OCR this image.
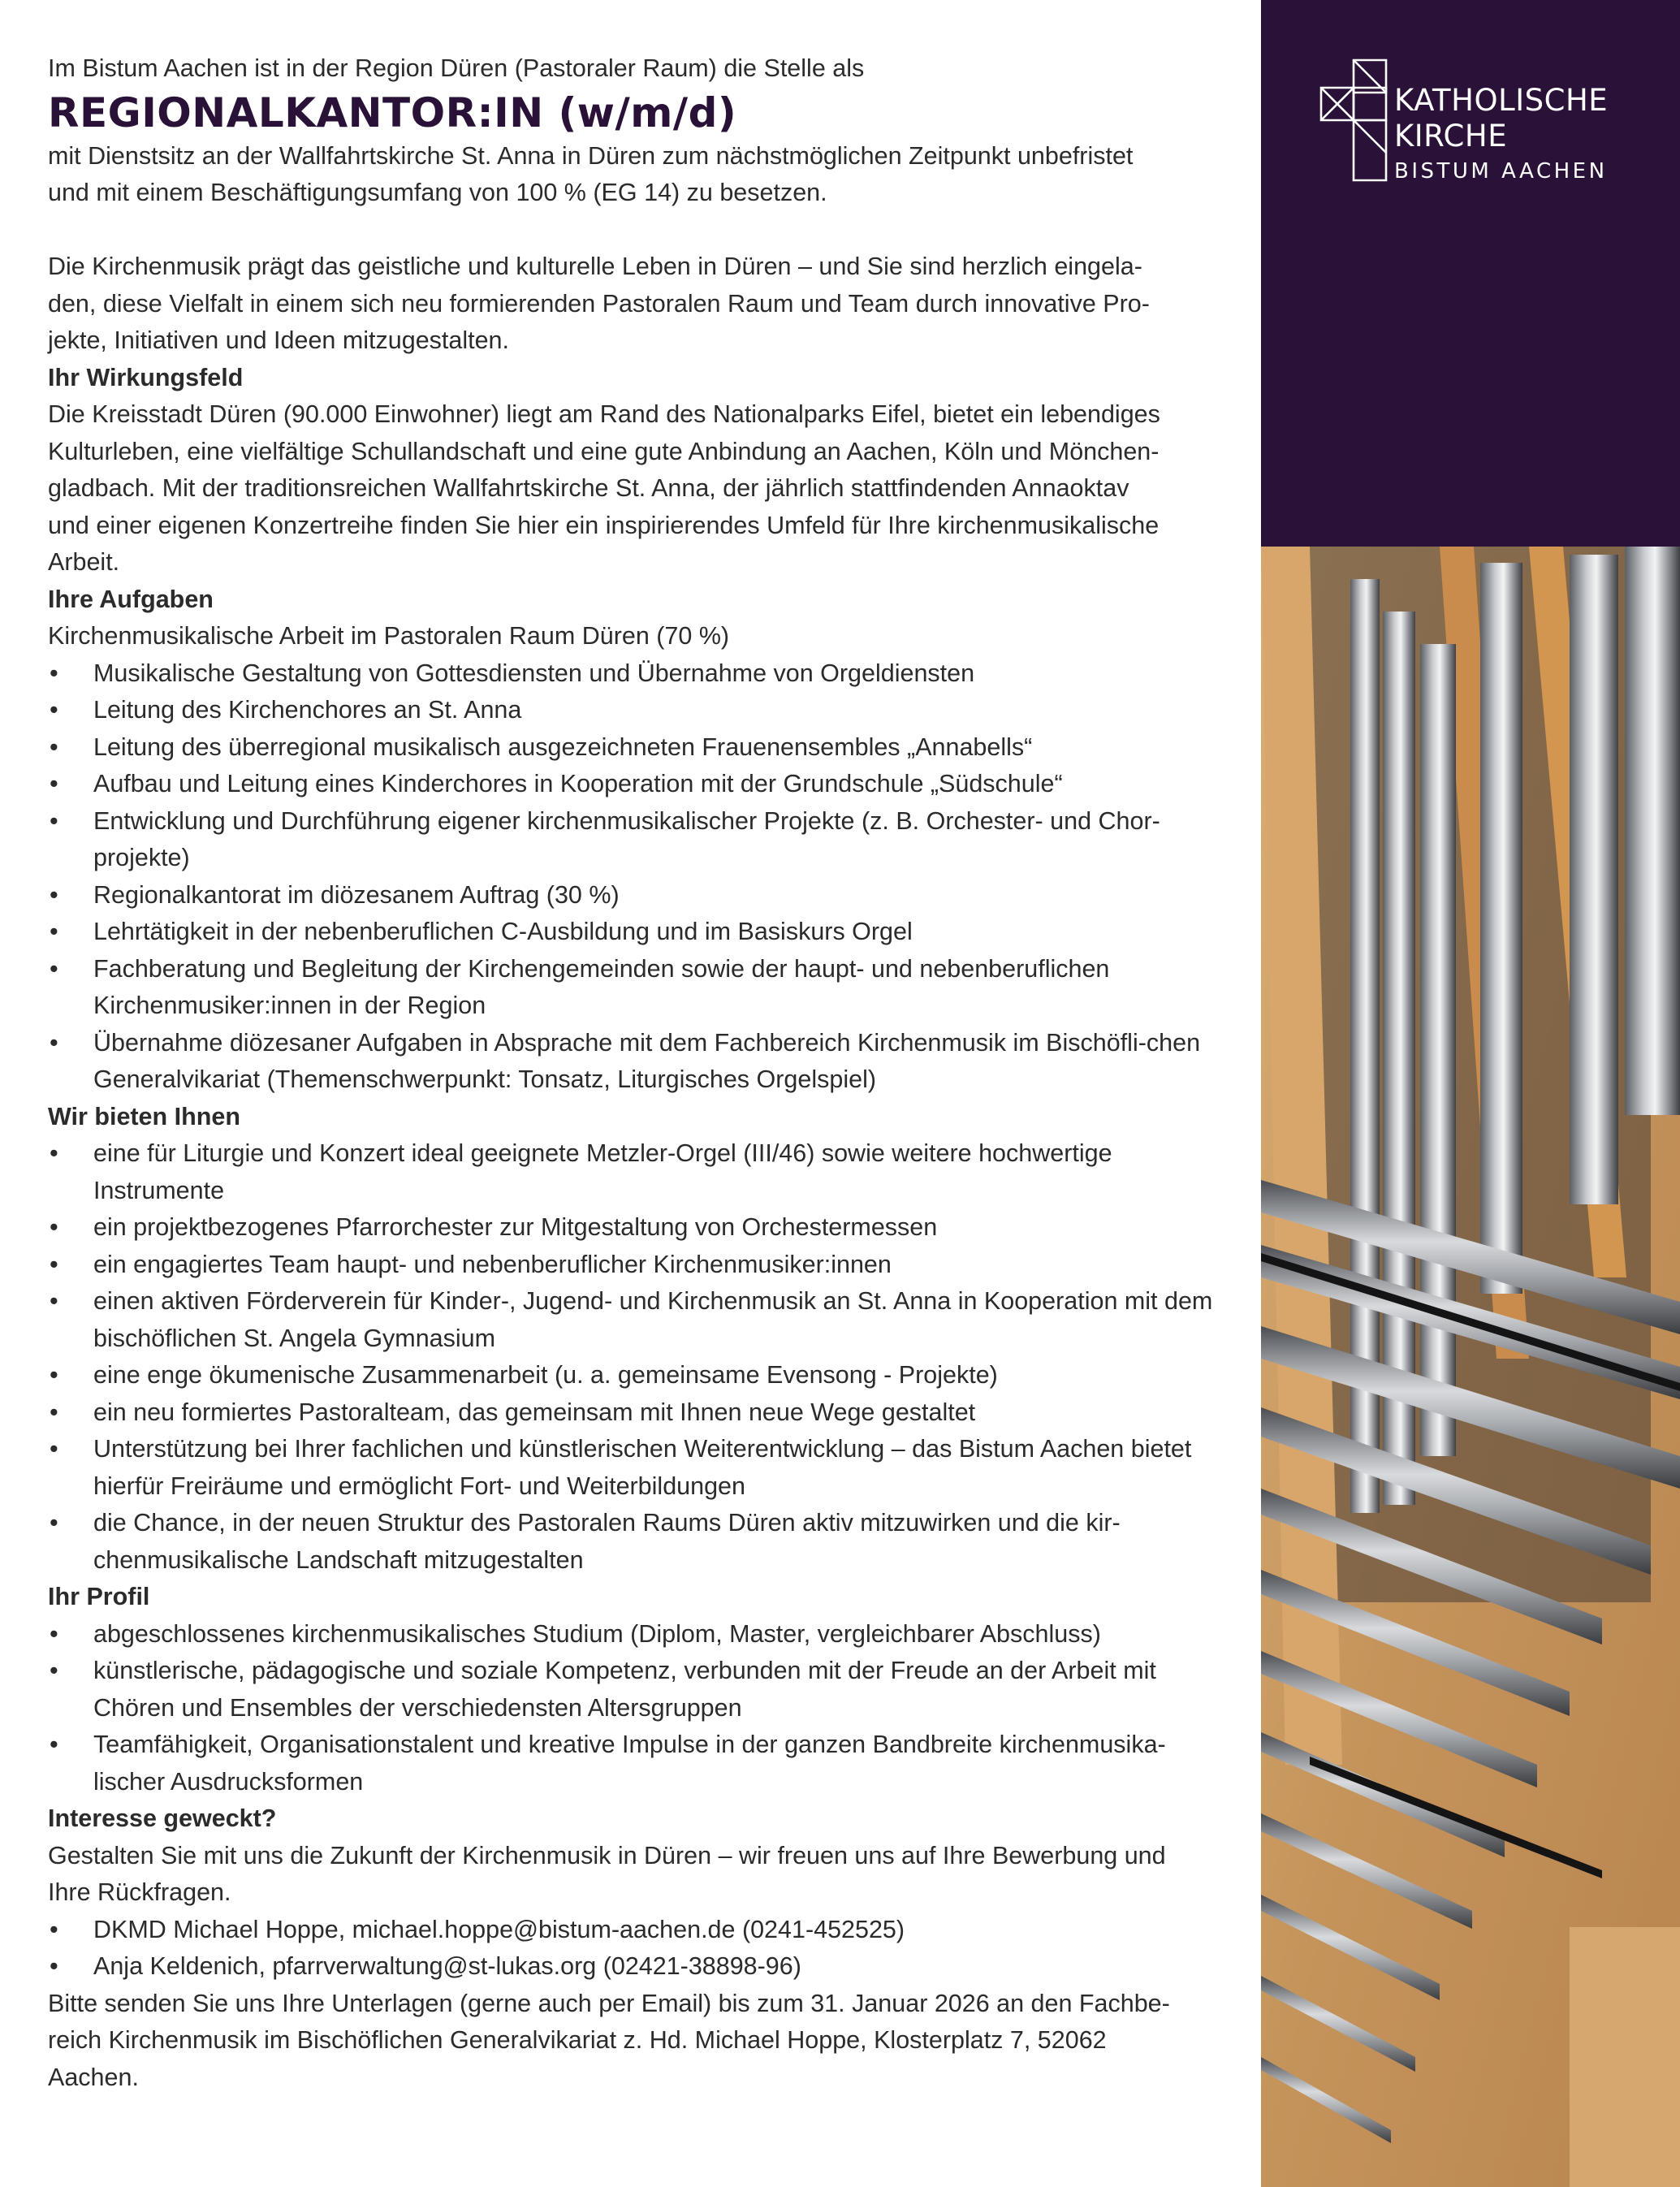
Im Bistum Aachen ist in der Region Düren (Pastoraler Raum) die Stelle als

REGIONALKANTOR:IN (w/m/d)

mit Dienstsitz an der Wallfahrtskirche St. Anna in Düren zum nächstmöglichen Zeitpunkt unbefristet

und mit einem Beschäftigungsumfang von 100 % (EG 14) zu besetzen.

Die Kirchenmusik prägt das geistliche und kulturelle Leben in Düren – und Sie sind herzlich eingela-

den, diese Vielfalt in einem sich neu formierenden Pastoralen Raum und Team durch innovative Pro-

jekte, Initiativen und Ideen mitzugestalten.

Ihr Wirkungsfeld

Die Kreisstadt Düren (90.000 Einwohner) liegt am Rand des Nationalparks Eifel, bietet ein lebendiges

Kulturleben, eine vielfältige Schullandschaft und eine gute Anbindung an Aachen, Köln und Mönchen-

gladbach. Mit der traditionsreichen Wallfahrtskirche St. Anna, der jährlich stattfindenden Annaoktav

und einer eigenen Konzertreihe finden Sie hier ein inspirierendes Umfeld für Ihre kirchenmusikalische

Arbeit.

Ihre Aufgaben

Kirchenmusikalische Arbeit im Pastoralen Raum Düren (70 %)

• Musikalische Gestaltung von Gottesdiensten und Übernahme von Orgeldiensten
• Leitung des Kirchenchores an St. Anna
• Leitung des überregional musikalisch ausgezeichneten Frauenensembles „Annabells“
• Aufbau und Leitung eines Kinderchores in Kooperation mit der Grundschule „Südschule“
• Entwicklung und Durchführung eigener kirchenmusikalischer Projekte (z. B. Orchester- und Chor-projekte)
• Regionalkantorat im diözesanem Auftrag (30 %)
• Lehrtätigkeit in der nebenberuflichen C-Ausbildung und im Basiskurs Orgel
• Fachberatung und Begleitung der Kirchengemeinden sowie der haupt- und nebenberuflichen Kirchenmusiker:innen in der Region
• Übernahme diözesaner Aufgaben in Absprache mit dem Fachbereich Kirchenmusik im Bischöfli-chen Generalvikariat (Themenschwerpunkt: Tonsatz, Liturgisches Orgelspiel)
Wir bieten Ihnen
• eine für Liturgie und Konzert ideal geeignete Metzler-Orgel (III/46) sowie weitere hochwertige Instrumente
• ein projektbezogenes Pfarrorchester zur Mitgestaltung von Orchestermessen
• ein engagiertes Team haupt- und nebenberuflicher Kirchenmusiker:innen
• einen aktiven Förderverein für Kinder-, Jugend- und Kirchenmusik an St. Anna in Kooperation mit dem bischöflichen St. Angela Gymnasium
• eine enge ökumenische Zusammenarbeit (u. a. gemeinsame Evensong - Projekte)
• ein neu formiertes Pastoralteam, das gemeinsam mit Ihnen neue Wege gestaltet
• Unterstützung bei Ihrer fachlichen und künstlerischen Weiterentwicklung – das Bistum Aachen bietet hierfür Freiräume und ermöglicht Fort- und Weiterbildungen
• die Chance, in der neuen Struktur des Pastoralen Raums Düren aktiv mitzuwirken und die kir-chenmusikalische Landschaft mitzugestalten
Ihr Profil
• abgeschlossenes kirchenmusikalisches Studium (Diplom, Master, vergleichbarer Abschluss)
• künstlerische, pädagogische und soziale Kompetenz, verbunden mit der Freude an der Arbeit mit Chören und Ensembles der verschiedensten Altersgruppen
• Teamfähigkeit, Organisationstalent und kreative Impulse in der ganzen Bandbreite kirchenmusika-lischer Ausdrucksformen
Interesse geweckt?

Gestalten Sie mit uns die Zukunft der Kirchenmusik in Düren – wir freuen uns auf Ihre Bewerbung und

Ihre Rückfragen.

• DKMD Michael Hoppe, michael.hoppe@bistum-aachen.de (0241-452525)
• Anja Keldenich, pfarrverwaltung@st-lukas.org (02421-38898-96)

Bitte senden Sie uns Ihre Unterlagen (gerne auch per Email) bis zum 31. Januar 2026 an den Fachbe-

reich Kirchenmusik im Bischöflichen Generalvikariat z. Hd. Michael Hoppe, Klosterplatz 7, 52062

Aachen.

KATHOLISCHE
KIRCHE
BISTUM AACHEN
